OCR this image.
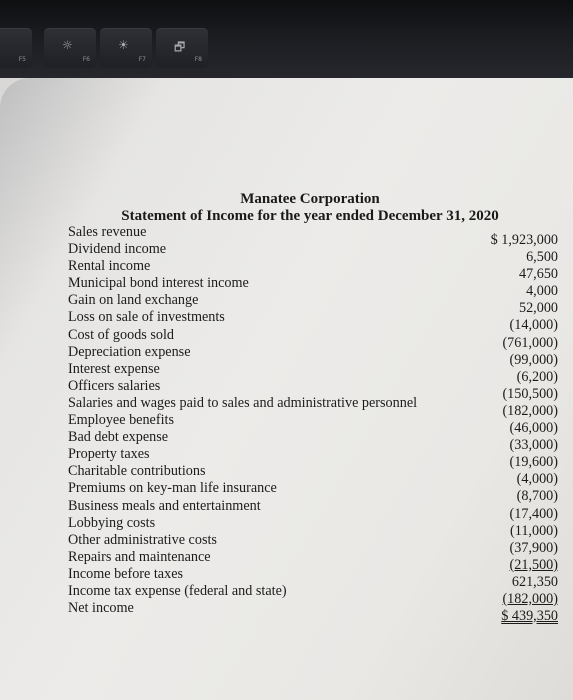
F5
☼
F6
☀
F7
🗗
F8
Manatee Corporation
Statement of Income for the year ended December 31, 2020
Sales revenue	$ 1,923,000
Dividend income	6,500
Rental income	47,650
Municipal bond interest income	4,000
Gain on land exchange	52,000
Loss on sale of investments	(14,000)
Cost of goods sold	(761,000)
Depreciation expense	(99,000)
Interest expense	(6,200)
Officers salaries	(150,500)
Salaries and wages paid to sales and administrative personnel	(182,000)
Employee benefits	(46,000)
Bad debt expense	(33,000)
Property taxes	(19,600)
Charitable contributions	(4,000)
Premiums on key-man life insurance	(8,700)
Business meals and entertainment	(17,400)
Lobbying costs	(11,000)
Other administrative costs	(37,900)
Repairs and maintenance	(21,500)
Income before taxes	621,350
Income tax expense (federal and state)	(182,000)
Net income	$ 439,350
